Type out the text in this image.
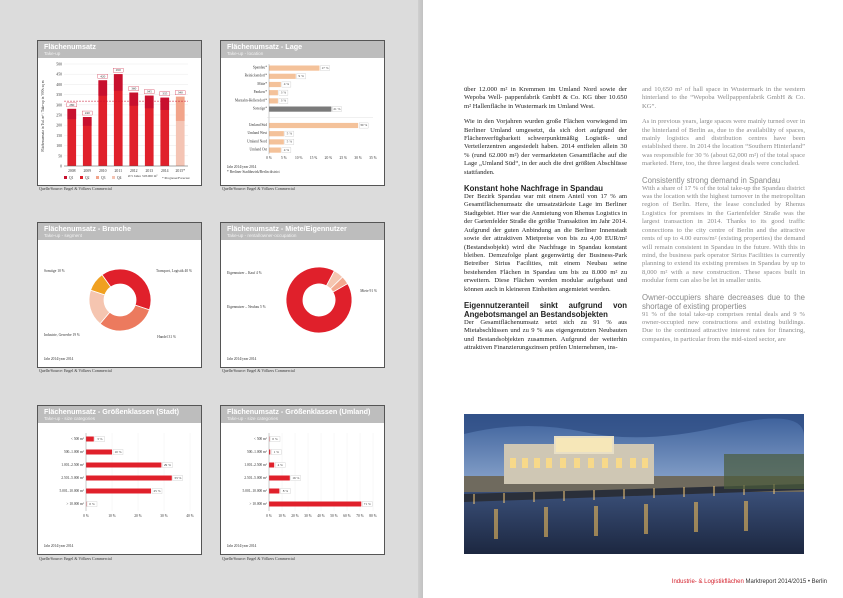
Flächenumsatz
Take-up
0
50
100
150
200
250
300
350
400
450
500
Flächenumsatz in Tsd. m² / Take-up in '000s sq m	280
2008
240
2009
420
2010
450
2011
360
2012
345
2013
335
2014
340
2015*
Q1	Q2	Q3	Q4 Ø 5 Jahre 318.000 m² * Prognose/Forecast
Quelle/Source: Engel & Völkers Commercial
Flächenumsatz - Lage
Take-up - location
Spandau*	17 %
Reinickendorf*	9 %
Mitte*	4 %
Pankow*	3 %
Marzahn-Hellersdorf*	3 %
Sonstige*	21 %
Umland Süd	30 %
Umland West	5 %
Umland Nord	5 %
Umland Ost	4 %
0 %	5 % 10 % 15 % 20 % 25 % 30 % 35 %
Jahr 2014/year 2014
* Berliner Stadtbezirk/Berlin district
Quelle/Source: Engel & Völkers Commercial
Flächenumsatz - Branche
Take-up - segment
Transport, Logistik 40 %
Handel 31 %
Industrie, Gewerbe 19 %
Sonstige 10 %
Jahr 2014/year 2014
Quelle/Source: Engel & Völkers Commercial
Flächenumsatz - Miete/Eigennutzer
Take-up - rental/owner-occupation
Miete 91 %
Eigennutzer – Neubau 5 %
Eigennutzer – Kauf 4 %
Jahr 2014/year 2014
Quelle/Source: Engel & Völkers Commercial
Flächenumsatz - Größenklassen (Stadt)
Take-up - size categories
0 %	10 %	20 %	30 %	40 %
< 500 m²	3 %
500–1.000 m²	10 %
1.001–2.500 m²	29 %
2.501–5.000 m²	33 %
5.001–10.000 m²	25 %
> 10.000 m² 0 %
Jahr 2014/year 2014
Quelle/Source: Engel & Völkers Commercial
Flächenumsatz - Größenklassen (Umland)
Take-up - size categories
0 % 10 % 20 % 30 % 40 % 50 % 60 % 70 % 80 %
< 500 m² 0 %
500–1.000 m² 1 %
1.001–2.500 m²	4 %
2.501–5.000 m²	16 %
5.001–10.000 m²	8 %
> 10.000 m²	71 %
Jahr 2014/year 2014
Quelle/Source: Engel & Völkers Commercial

über 12.000 m² in Kremmen im Umland Nord sowie der Wepoba Well- pappenfabrik GmbH & Co. KG über 10.650 m² Hallenfläche in Wustermark im Umland West.

Wie in den Vorjahren wurden große Flächen vorwiegend im Berliner Umland umgesetzt, da sich dort aufgrund der Flächenverfügbarkeit schwerpunktmäßig Logistik- und Verteilerzentren angesiedelt haben. 2014 entfielen allein 30 % (rund 62.000 m²) der vermarkteten Gesamtfläche auf die Lage „Umland Süd“, in der auch die drei größten Abschlüsse stattfanden.

Konstant hohe Nachfrage in Spandau

Der Bezirk Spandau war mit einem Anteil von 17 % am Gesamtflächenumsatz die umsatzstärkste Lage im Berliner Stadtgebiet. Hier war die Anmietung von Rhenus Logistics in der Gartenfelder Straße die größte Transaktion im Jahr 2014. Aufgrund der guten Anbindung an die Berliner Innenstadt sowie der attraktiven Mietpreise von bis zu 4,00 EUR/m² (Bestandsobjekt) wird die Nachfrage in Spandau konstant bleiben. Demzufolge plant gegenwärtig der Business-Park Betreiber Sirius Facilities, mit einem Neubau seine bestehenden Flächen in Spandau um bis zu 8.000 m² zu erweitern. Diese Flächen werden modular aufgebaut und können auch in kleineren Einheiten angemietet werden.

Eigennutzeranteil sinkt aufgrund von Angebotsmangel an Bestandsobjekten

Der Gesamtflächenumsatz setzt sich zu 91 % aus Mietabschlüssen und zu 9 % aus eigengenutzten Neubauten und Bestandsobjekten zusammen. Aufgrund der weiterhin attraktiven Finanzierungszinsen prüfen Unternehmen, ins-

and 10,650 m² of hall space in Wustermark in the western hinterland to the “Wepoba Wellpappenfabrik GmbH & Co. KG”.

As in previous years, large spaces were mainly turned over in the hinterland of Berlin as, due to the availability of spaces, mainly logistics and distribution centres have been established there. In 2014 the location “Southern Hinterland” was responsible for 30 % (about 62,000 m²) of the total space marketed. Here, too, the three largest deals were concluded.

Consistently strong demand in Spandau

With a share of 17 % of the total take-up the Spandau district was the location with the highest turnover in the metropolitan region of Berlin. Here, the lease concluded by Rhenus Logistics for premises in the Gartenfelder Straße was the largest transaction in 2014. Thanks to its good traffic connections to the city centre of Berlin and the attractive rents of up to 4.00 euros/m² (existing properties) the demand will remain consistent in Spandau in the future. With this in mind, the business park operator Sirius Facilities is currently planning to extend its existing premises in Spandau by up to 8,000 m² with a new construction. These spaces built in modular form can also be let in smaller units.

Owner-occupiers share decreases due to the shortage of existing properties

91 % of the total take-up comprises rental deals and 9 % owner-occupied new constructions and existing buildings. Due to the continued attractive interest rates for financing, companies, in particular from the mid-sized sector, are

Industrie- & Logistikflächen Marktreport 2014/2015 • Berlin
